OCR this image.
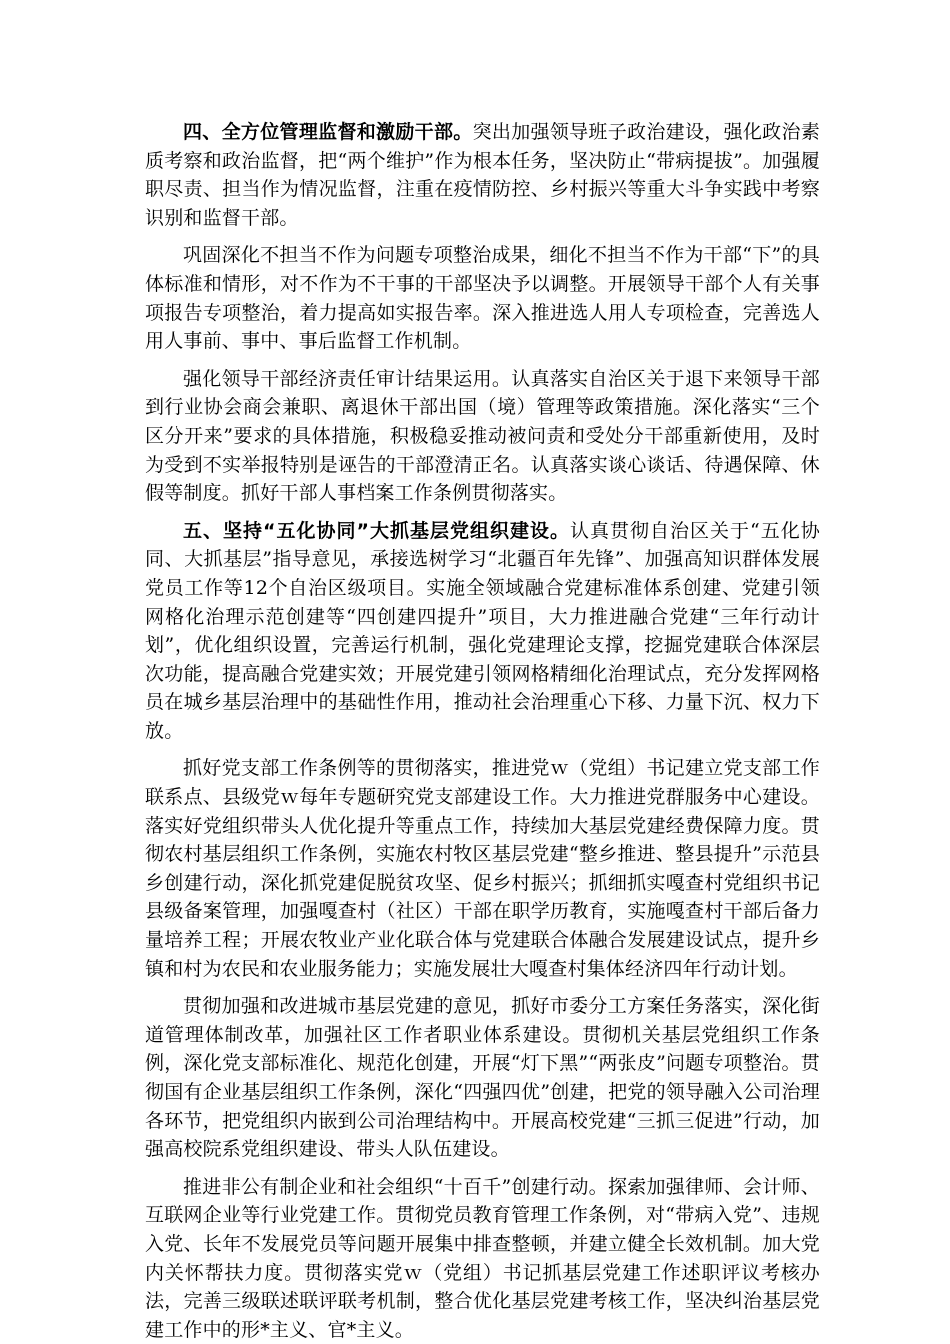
四、全方位管理监督和激励干部。突出加强领导班子政治建设，强化政治素质考察和政治监督，把“两个维护”作为根本任务，坚决防止“带病提拔”。加强履职尽责、担当作为情况监督，注重在疫情防控、乡村振兴等重大斗争实践中考察识别和监督干部。

巩固深化不担当不作为问题专项整治成果，细化不担当不作为干部“下”的具体标准和情形，对不作为不干事的干部坚决予以调整。开展领导干部个人有关事项报告专项整治，着力提高如实报告率。深入推进选人用人专项检查，完善选人用人事前、事中、事后监督工作机制。

强化领导干部经济责任审计结果运用。认真落实自治区关于退下来领导干部到行业协会商会兼职、离退休干部出国（境）管理等政策措施。深化落实“三个区分开来”要求的具体措施，积极稳妥推动被问责和受处分干部重新使用，及时为受到不实举报特别是诬告的干部澄清正名。认真落实谈心谈话、待遇保障、休假等制度。抓好干部人事档案工作条例贯彻落实。

五、坚持“五化协同”大抓基层党组织建设。认真贯彻自治区关于“五化协同、大抓基层”指导意见，承接选树学习“北疆百年先锋”、加强高知识群体发展党员工作等12个自治区级项目。实施全领域融合党建标准体系创建、党建引领网格化治理示范创建等“四创建四提升”项目，大力推进融合党建“三年行动计划”，优化组织设置，完善运行机制，强化党建理论支撑，挖掘党建联合体深层次功能，提高融合党建实效；开展党建引领网格精细化治理试点，充分发挥网格员在城乡基层治理中的基础性作用，推动社会治理重心下移、力量下沉、权力下放。

抓好党支部工作条例等的贯彻落实，推进党ｗ（党组）书记建立党支部工作联系点、县级党ｗ每年专题研究党支部建设工作。大力推进党群服务中心建设。落实好党组织带头人优化提升等重点工作，持续加大基层党建经费保障力度。贯彻农村基层组织工作条例，实施农村牧区基层党建“整乡推进、整县提升”示范县乡创建行动，深化抓党建促脱贫攻坚、促乡村振兴；抓细抓实嘎查村党组织书记县级备案管理，加强嘎查村（社区）干部在职学历教育，实施嘎查村干部后备力量培养工程；开展农牧业产业化联合体与党建联合体融合发展建设试点，提升乡镇和村为农民和农业服务能力；实施发展壮大嘎查村集体经济四年行动计划。

贯彻加强和改进城市基层党建的意见，抓好市委分工方案任务落实，深化街道管理体制改革，加强社区工作者职业体系建设。贯彻机关基层党组织工作条例，深化党支部标准化、规范化创建，开展“灯下黑”“两张皮”问题专项整治。贯彻国有企业基层组织工作条例，深化“四强四优”创建，把党的领导融入公司治理各环节，把党组织内嵌到公司治理结构中。开展高校党建“三抓三促进”行动，加强高校院系党组织建设、带头人队伍建设。

推进非公有制企业和社会组织“十百千”创建行动。探索加强律师、会计师、互联网企业等行业党建工作。贯彻党员教育管理工作条例，对“带病入党”、违规入党、长年不发展党员等问题开展集中排查整顿，并建立健全长效机制。加大党内关怀帮扶力度。贯彻落实党ｗ（党组）书记抓基层党建工作述职评议考核办法，完善三级联述联评联考机制，整合优化基层党建考核工作，坚决纠治基层党建工作中的形*主义、官*主义。
